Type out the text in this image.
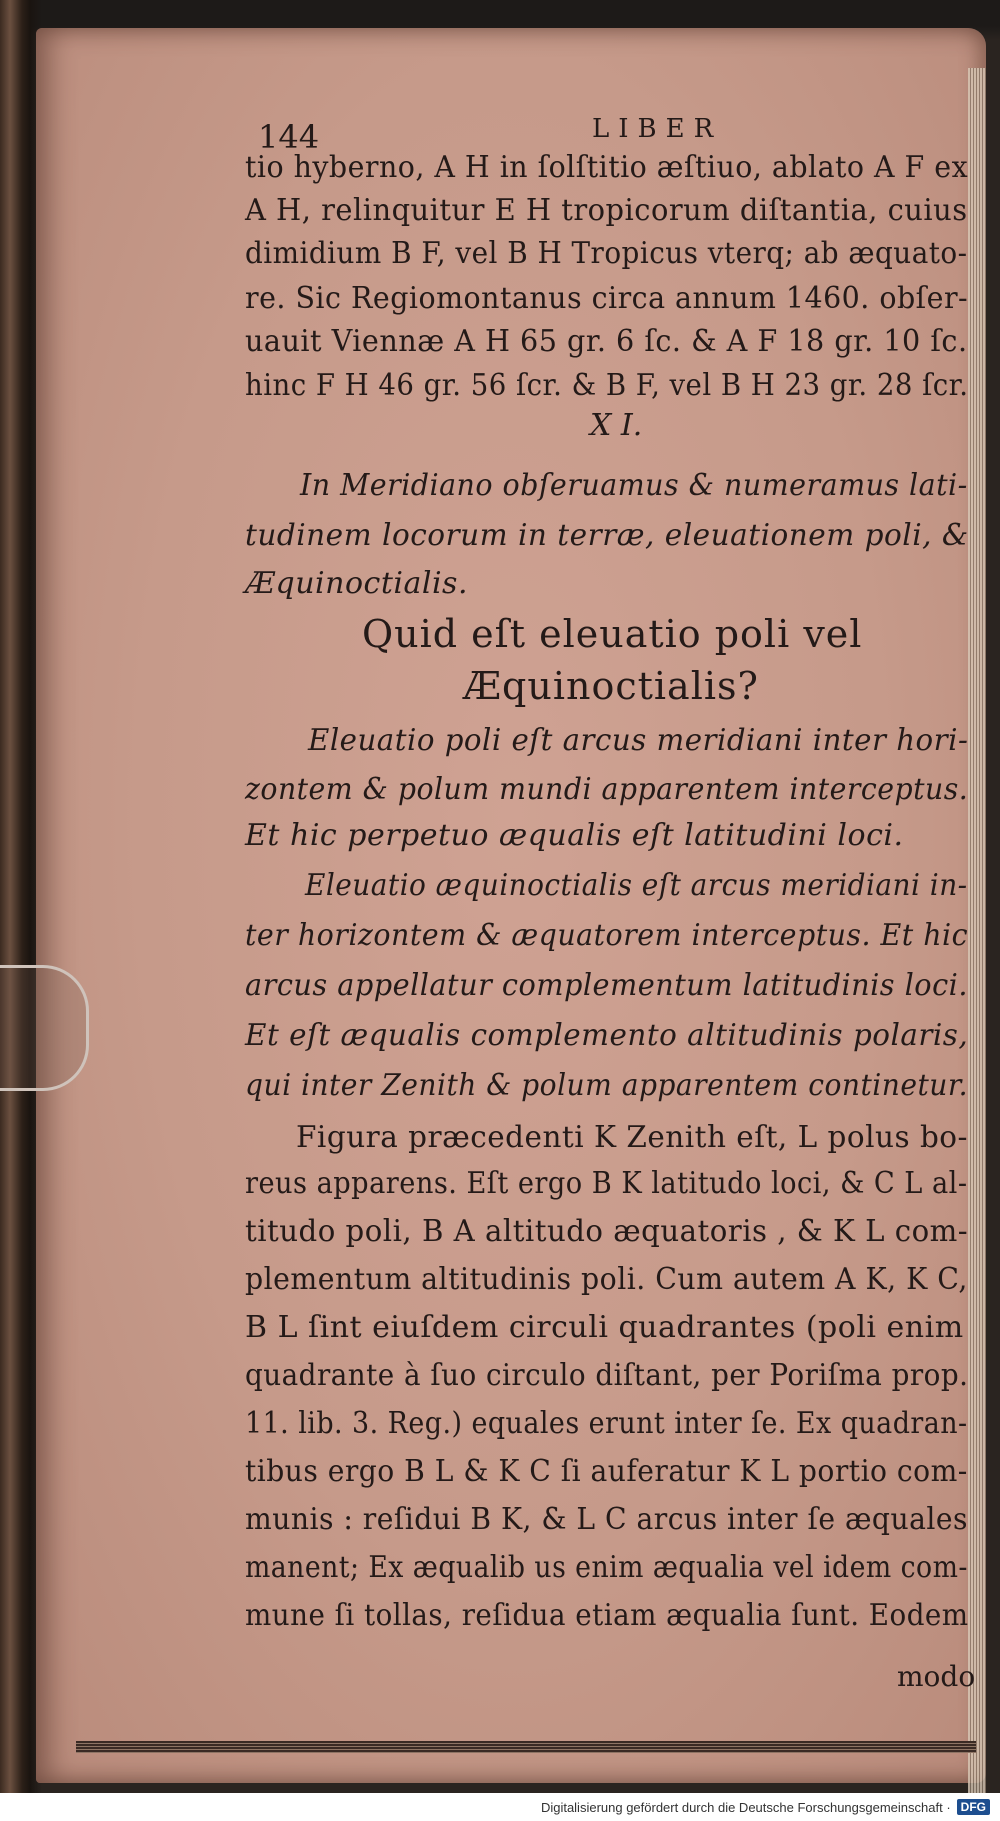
144	LIBER
tio hyberno, A H in ſolſtitio æſtiuo, ablato A F ex
A H, relinquitur E H tropicorum diſtantia, cuius
dimidium B F, vel B H Tropicus vterq; ab æquato-
re. Sic Regiomontanus circa annum 1460. obſer-
uauit Viennæ A H 65 gr. 6 ſc. & A F 18 gr. 10 ſc.
hinc F H 46 gr. 56 ſcr. & B F, vel B H 23 gr. 28 ſcr.
X I.
In Meridiano obſeruamus & numeramus lati-
tudinem locorum in terræ, eleuationem poli, &
Æquinoctialis.
Quid eſt eleuatio poli vel
Æquinoctialis?
Eleuatio poli eſt arcus meridiani inter hori-
zontem & polum mundi apparentem interceptus.
Et hic perpetuo æqualis eſt latitudini loci.
Eleuatio æquinoctialis eſt arcus meridiani in-
ter horizontem & æquatorem interceptus. Et hic
arcus appellatur complementum latitudinis loci.
Et eſt æqualis complemento altitudinis polaris,
qui inter Zenith & polum apparentem continetur.
Figura præcedenti K Zenith eſt, L polus bo-
reus apparens. Eſt ergo B K latitudo loci, & C L al-
titudo poli, B A altitudo æquatoris , & K L com-
plementum altitudinis poli. Cum autem A K, K C,
B L ſint eiuſdem circuli quadrantes (poli enim
quadrante à ſuo circulo diſtant, per Poriſma prop.
11. lib. 3. Reg.) equales erunt inter ſe. Ex quadran-
tibus ergo B L & K C ſi auferatur K L portio com-
munis : reſidui B K, & L C arcus inter ſe æquales
manent; Ex æqualib us enim æqualia vel idem com-
mune ſi tollas, reſidua etiam æqualia ſunt. Eodem
modo
Digitalisierung gefördert durch die Deutsche Forschungsgemeinschaft · DFG
